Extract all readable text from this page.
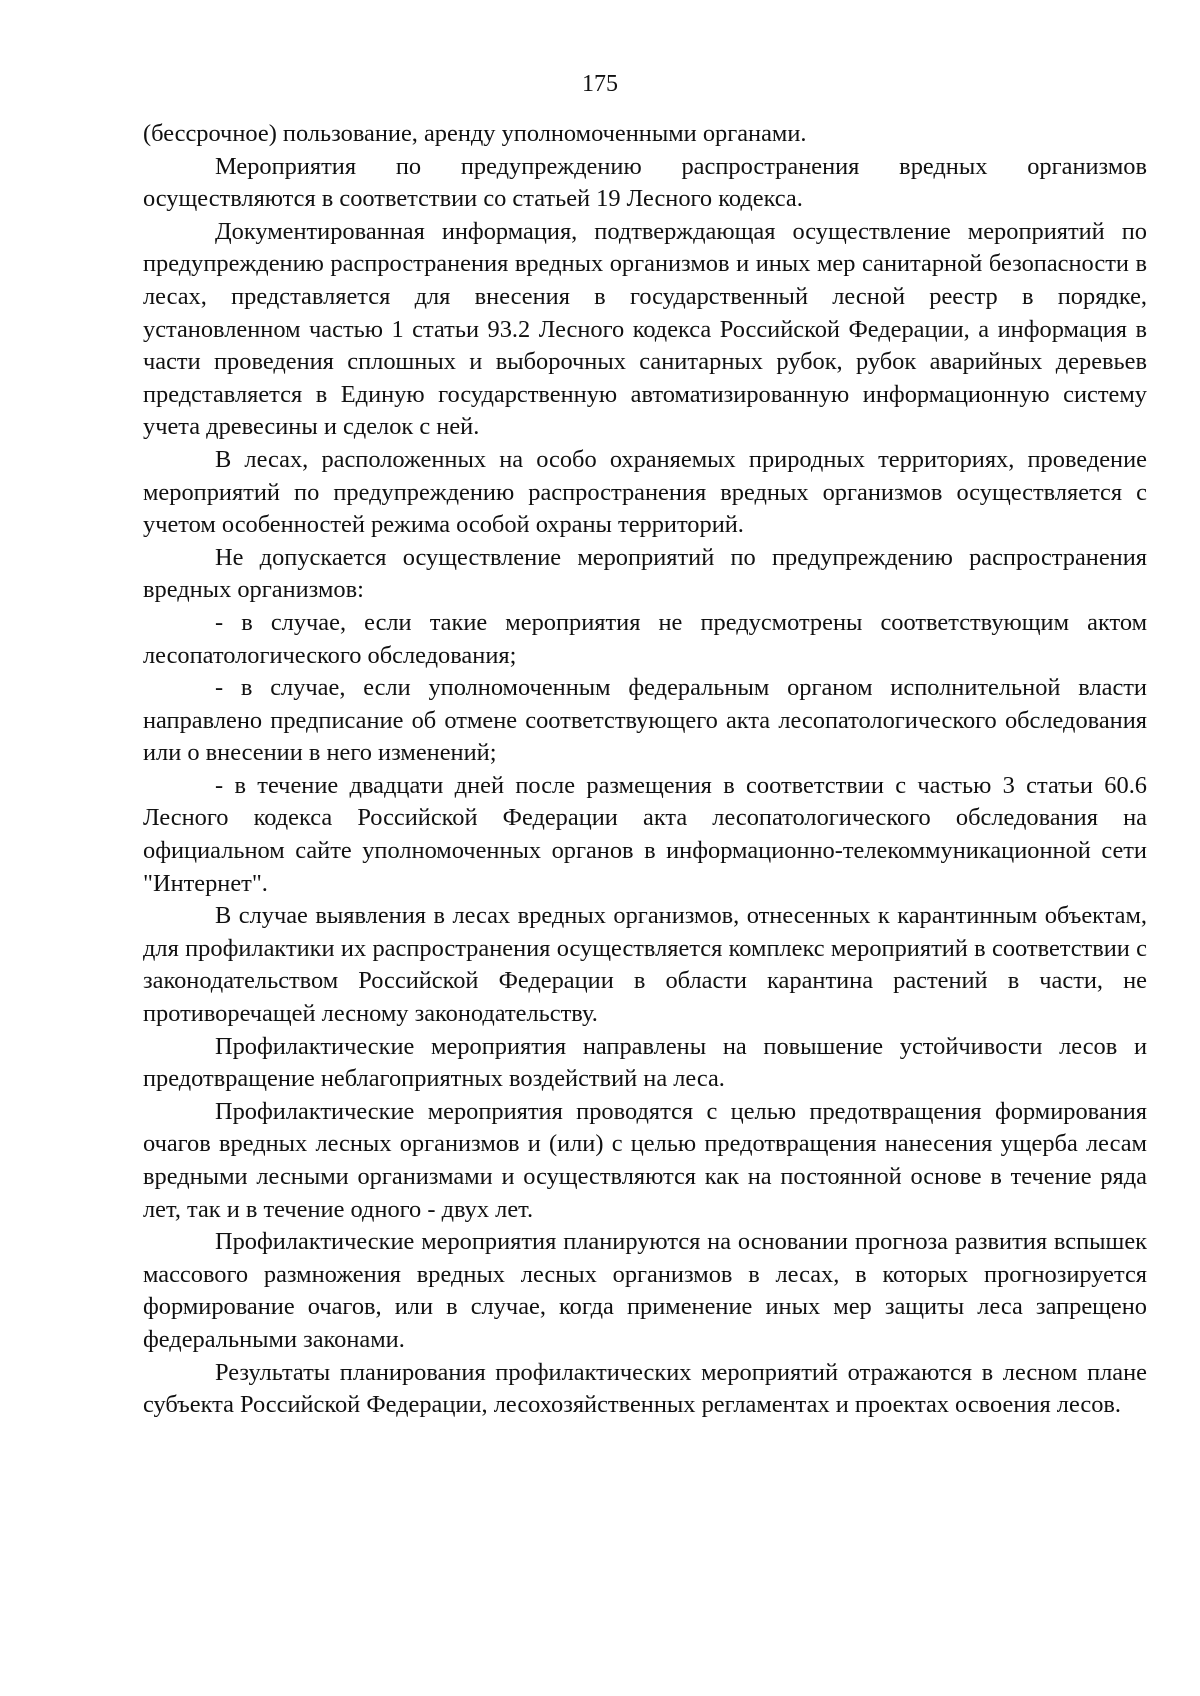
175

(бессрочное) пользование, аренду уполномоченными органами.

Мероприятия по предупреждению распространения вредных организмов осуществляются в соответствии со статьей 19 Лесного кодекса.

Документированная информация, подтверждающая осуществление мероприятий по предупреждению распространения вредных организмов и иных мер санитарной безопасности в лесах, представляется для внесения в государственный лесной реестр в порядке, установленном частью 1 статьи 93.2 Лесного кодекса Российской Федерации, а информация в части проведения сплошных и выборочных санитарных рубок, рубок аварийных деревьев представляется в Единую государственную автоматизированную информационную систему учета древесины и сделок с ней.

В лесах, расположенных на особо охраняемых природных территориях, проведение мероприятий по предупреждению распространения вредных организмов осуществляется с учетом особенностей режима особой охраны территорий.

Не допускается осуществление мероприятий по предупреждению распространения вредных организмов:

- в случае, если такие мероприятия не предусмотрены соответствующим актом лесопатологического обследования;

- в случае, если уполномоченным федеральным органом исполнительной власти направлено предписание об отмене соответствующего акта лесопатологического обследования или о внесении в него изменений;

- в течение двадцати дней после размещения в соответствии с частью 3 статьи 60.6 Лесного кодекса Российской Федерации акта лесопатологического обследования на официальном сайте уполномоченных органов в информационно-телекоммуникационной сети "Интернет".

В случае выявления в лесах вредных организмов, отнесенных к карантинным объектам, для профилактики их распространения осуществляется комплекс мероприятий в соответствии с законодательством Российской Федерации в области карантина растений в части, не противоречащей лесному законодательству.

Профилактические мероприятия направлены на повышение устойчивости лесов и предотвращение неблагоприятных воздействий на леса.

Профилактические мероприятия проводятся с целью предотвращения формирования очагов вредных лесных организмов и (или) с целью предотвращения нанесения ущерба лесам вредными лесными организмами и осуществляются как на постоянной основе в течение ряда лет, так и в течение одного - двух лет.

Профилактические мероприятия планируются на основании прогноза развития вспышек массового размножения вредных лесных организмов в лесах, в которых прогнозируется формирование очагов, или в случае, когда применение иных мер защиты леса запрещено федеральными законами.

Результаты планирования профилактических мероприятий отражаются в лесном плане субъекта Российской Федерации, лесохозяйственных регламентах и проектах освоения лесов.
